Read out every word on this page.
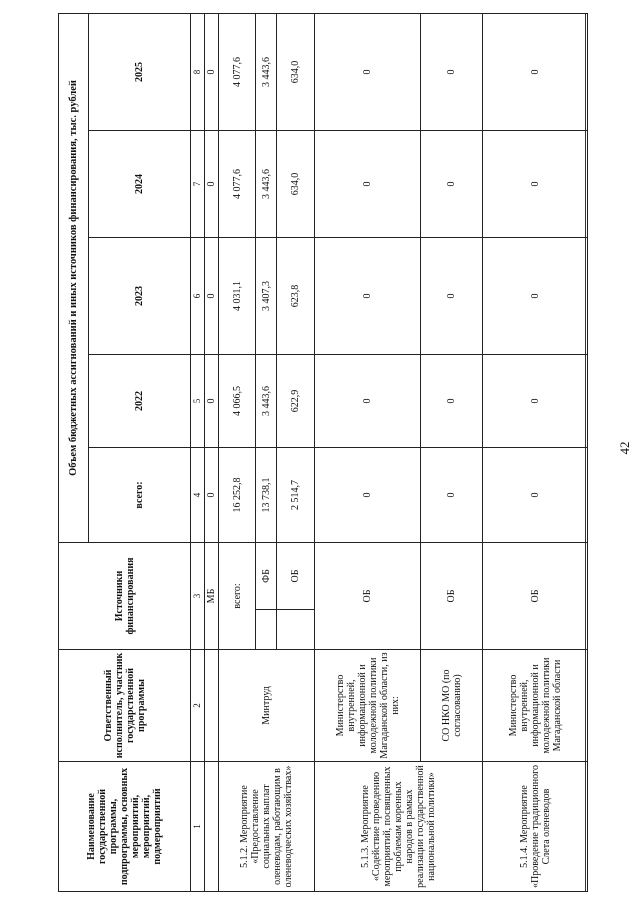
42
Наименование государственной программы, подпрограммы, основных мероприятий, мероприятий, подмероприятий	Ответственный исполнитель, участник государственной программы	Источники финансирования		Объем бюджетных ассигнований и иных источников финансирования, тыс. рублей				
				всего:	2022	2023	2024	2025
1	2	3		4	5	6	7	8
		МБ		0	0	0	0	0
5.1.2. Мероприятие «Предоставление социальных выплат оленеводам, работающим в оленеводческих хозяйствах»	Минтруд	всего:		16 252,8	4 066,5	4 031,1	4 077,6	4 077,6
			ФБ	13 738,1	3 443,6	3 407,3	3 443,6	3 443,6
			ОБ	2 514,7	622,9	623,8	634,0	634,0
5.1.3. Мероприятие «Содействие проведению мероприятий, посвященных проблемам коренных народов в рамках реализации государственной национальной политики»	Министерство внутренней, информационной и молодежной политики Магаданской области, из них:	ОБ		0	0	0	0	0
	СО НКО МО (по согласованию)	ОБ		0	0	0	0	0
5.1.4. Мероприятие «Проведение традиционного Слета оленеводов	Министерство внутренней, информационной и молодежной политики Магаданской области	ОБ		0	0	0	0	0
